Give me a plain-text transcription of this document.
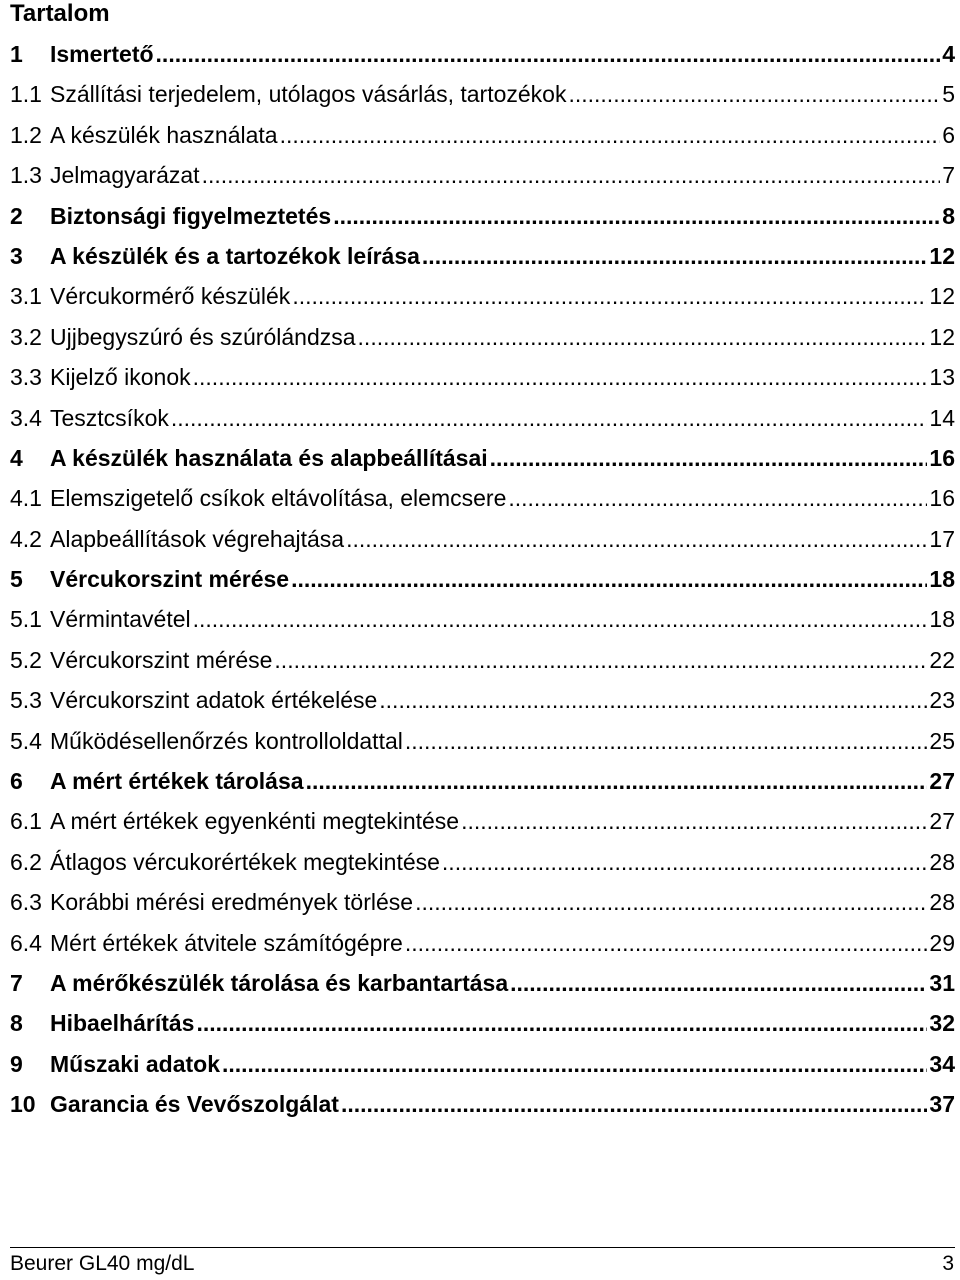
Tartalom
1	Ismertető .....	4
1.1 Szállítási terjedelem, utólagos vásárlás, tartozékok .....	5
1.2 A készülék használata .....	6
1.3 Jelmagyarázat .....	7
2	Biztonsági figyelmeztetés .....	8
3	A készülék és a tartozékok leírása .....	12
3.1 Vércukormérő készülék .....	12
3.2 Ujjbegyszúró és szúrólándzsa .....	12
3.3 Kijelző ikonok .....	13
3.4 Tesztcsíkok .....	14
4	A készülék használata és alapbeállításai .....	16
4.1 Elemszigetelő csíkok eltávolítása, elemcsere .....	16
4.2 Alapbeállítások végrehajtása .....	17
5	Vércukorszint mérése .....	18
5.1 Vérmintavétel .....	18
5.2 Vércukorszint mérése .....	22
5.3 Vércukorszint adatok értékelése .....	23
5.4 Működésellenőrzés kontrolloldattal .....	25
6	A mért értékek tárolása .....	27
6.1 A mért értékek egyenkénti megtekintése .....	27
6.2 Átlagos vércukorértékek megtekintése .....	28
6.3 Korábbi mérési eredmények törlése .....	28
6.4 Mért értékek átvitele számítógépre .....	29
7	A mérőkészülék tárolása és karbantartása .....	31
8	Hibaelhárítás .....	32
9	Műszaki adatok .....	34
10 Garancia és Vevőszolgálat .....	37
Beurer GL40 mg/dL	3
